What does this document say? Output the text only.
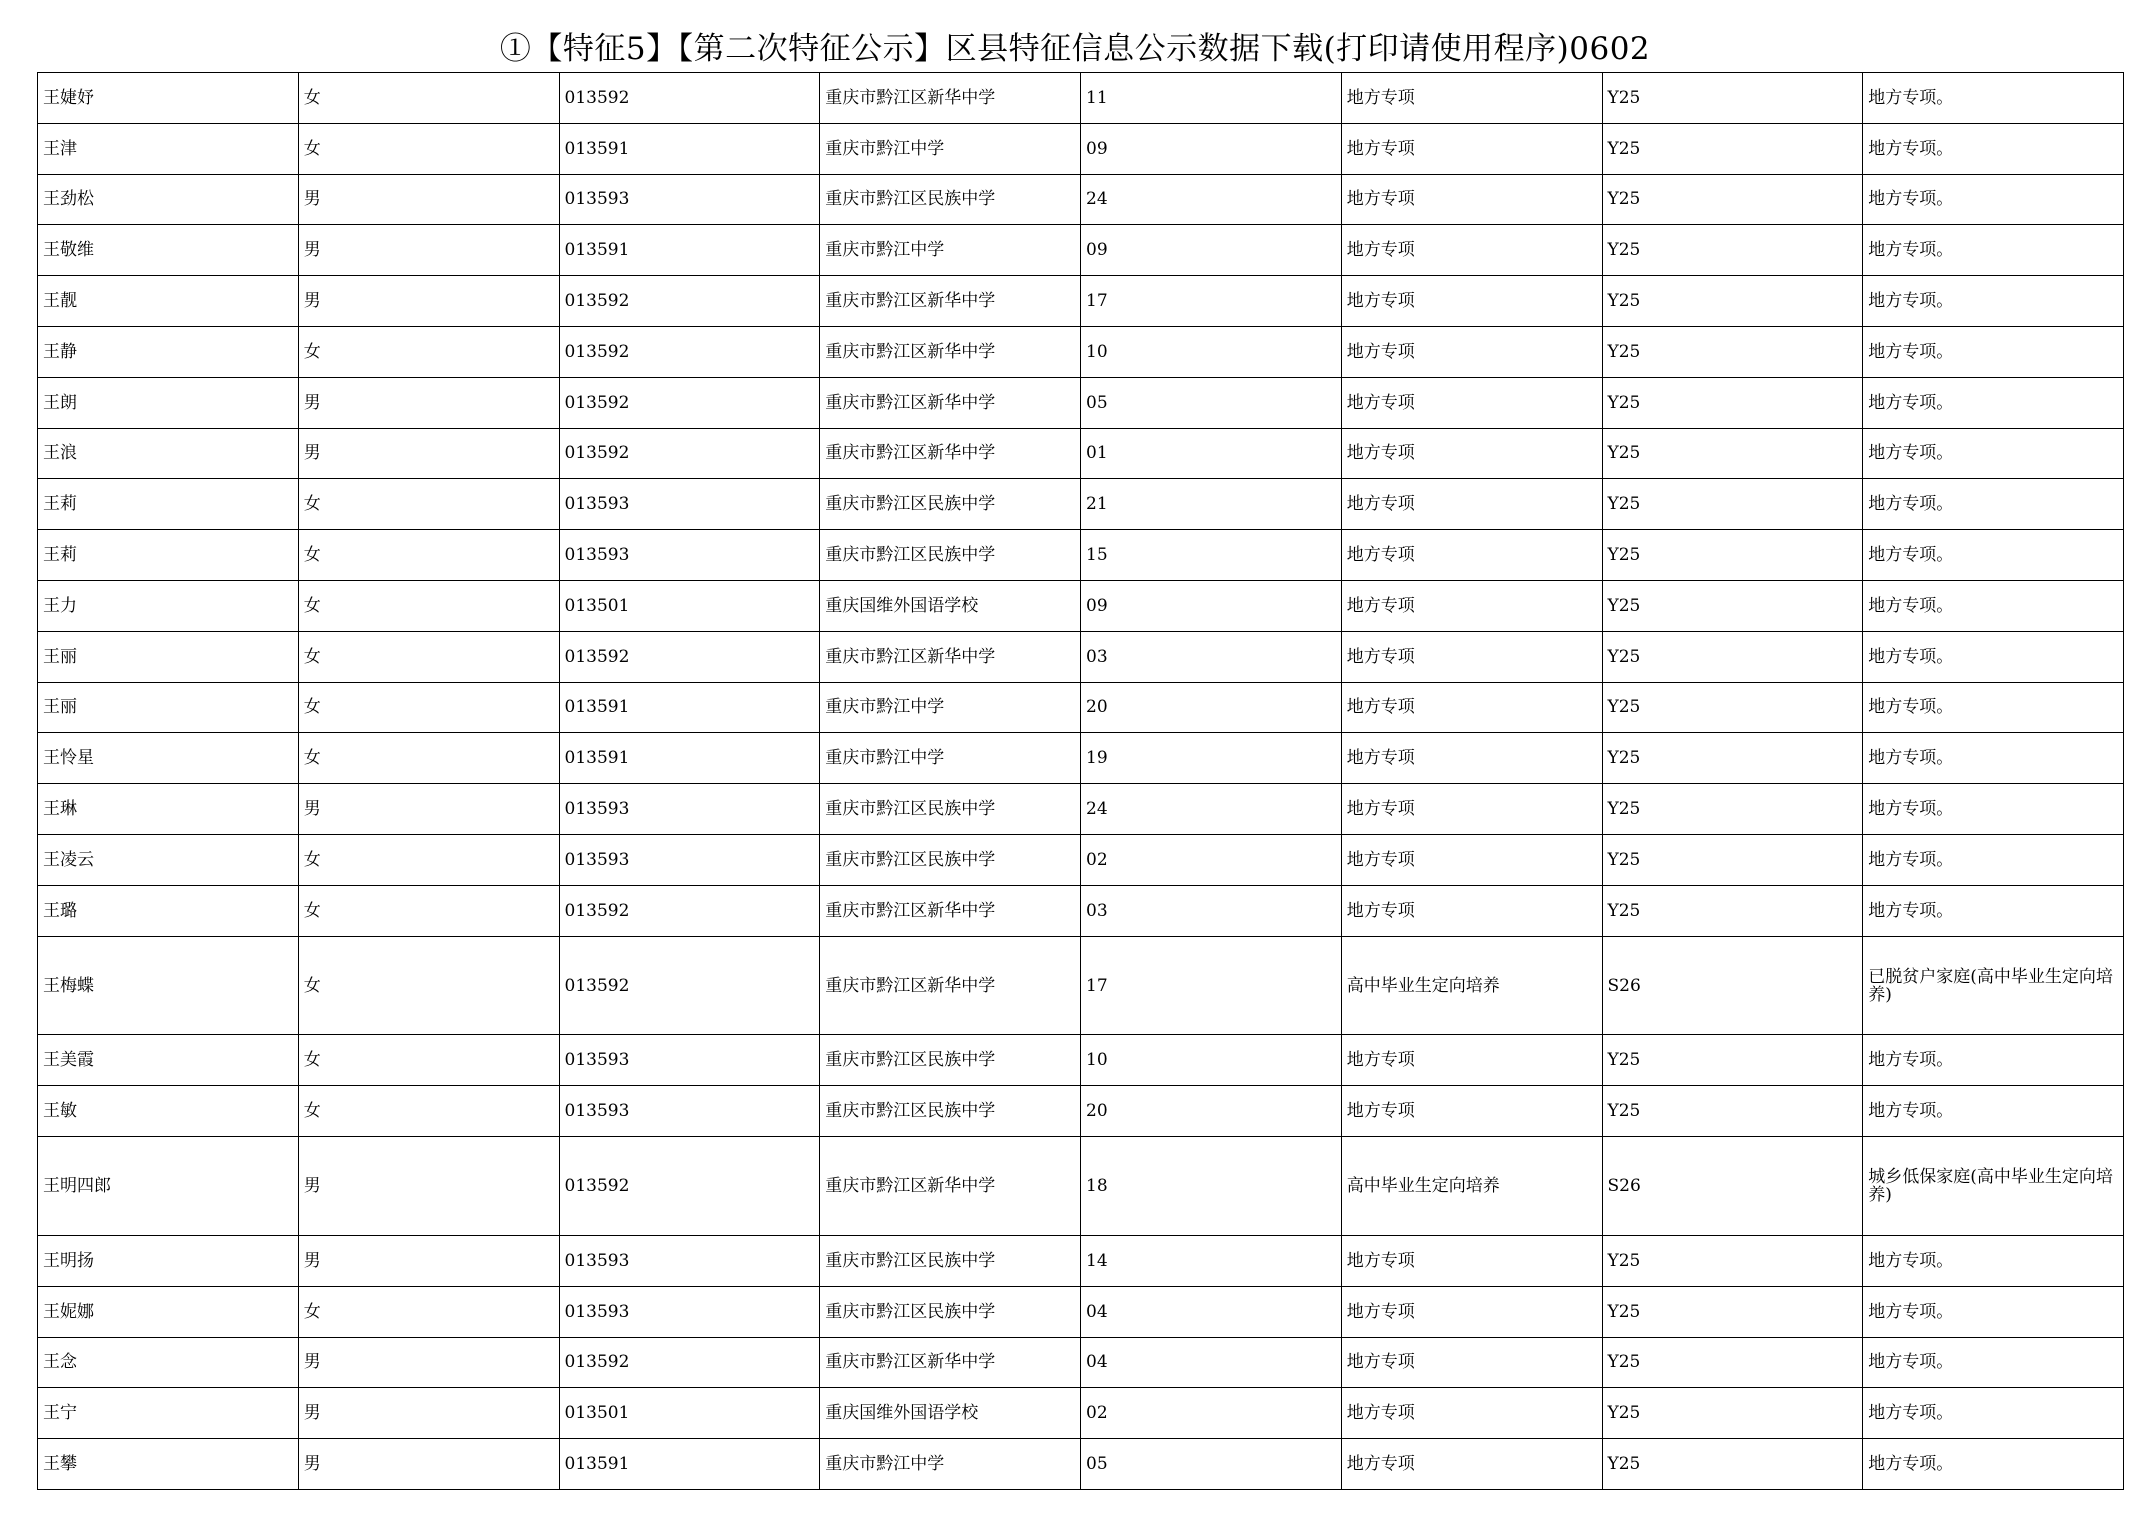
①【特征5】【第二次特征公示】区县特征信息公示数据下载(打印请使用程序)0602
王婕妤	女	013592	重庆市黔江区新华中学	11	地方专项	Y25	地方专项。
王津	女	013591	重庆市黔江中学	09	地方专项	Y25	地方专项。
王劲松	男	013593	重庆市黔江区民族中学	24	地方专项	Y25	地方专项。
王敬维	男	013591	重庆市黔江中学	09	地方专项	Y25	地方专项。
王靓	男	013592	重庆市黔江区新华中学	17	地方专项	Y25	地方专项。
王静	女	013592	重庆市黔江区新华中学	10	地方专项	Y25	地方专项。
王朗	男	013592	重庆市黔江区新华中学	05	地方专项	Y25	地方专项。
王浪	男	013592	重庆市黔江区新华中学	01	地方专项	Y25	地方专项。
王莉	女	013593	重庆市黔江区民族中学	21	地方专项	Y25	地方专项。
王莉	女	013593	重庆市黔江区民族中学	15	地方专项	Y25	地方专项。
王力	女	013501	重庆国维外国语学校	09	地方专项	Y25	地方专项。
王丽	女	013592	重庆市黔江区新华中学	03	地方专项	Y25	地方专项。
王丽	女	013591	重庆市黔江中学	20	地方专项	Y25	地方专项。
王怜星	女	013591	重庆市黔江中学	19	地方专项	Y25	地方专项。
王琳	男	013593	重庆市黔江区民族中学	24	地方专项	Y25	地方专项。
王凌云	女	013593	重庆市黔江区民族中学	02	地方专项	Y25	地方专项。
王璐	女	013592	重庆市黔江区新华中学	03	地方专项	Y25	地方专项。
王梅蝶	女	013592	重庆市黔江区新华中学	17	高中毕业生定向培养	S26	已脱贫户家庭(高中毕业生定向培养)
王美霞	女	013593	重庆市黔江区民族中学	10	地方专项	Y25	地方专项。
王敏	女	013593	重庆市黔江区民族中学	20	地方专项	Y25	地方专项。
王明四郎	男	013592	重庆市黔江区新华中学	18	高中毕业生定向培养	S26	城乡低保家庭(高中毕业生定向培养)
王明扬	男	013593	重庆市黔江区民族中学	14	地方专项	Y25	地方专项。
王妮娜	女	013593	重庆市黔江区民族中学	04	地方专项	Y25	地方专项。
王念	男	013592	重庆市黔江区新华中学	04	地方专项	Y25	地方专项。
王宁	男	013501	重庆国维外国语学校	02	地方专项	Y25	地方专项。
王攀	男	013591	重庆市黔江中学	05	地方专项	Y25	地方专项。
